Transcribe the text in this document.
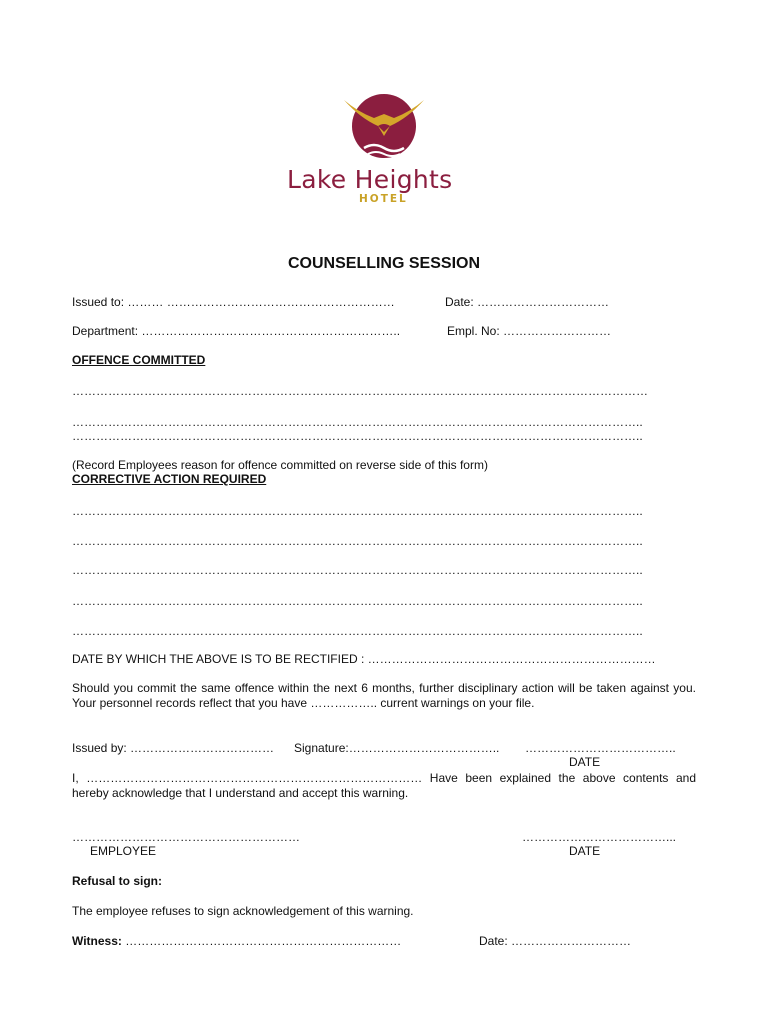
Lake Heights
HOTEL
COUNSELLING SESSION
Issued to: ……… …………………………………………………	Date: ……………………………
Department: ………………………………………………………..	Empl. No: ………………………
OFFENCE COMMITTED
………………………………………………………………………………………………………………………………
……………………………………………………………………………………………………………………………..
……………………………………………………………………………………………………………………………..
(Record Employees reason for offence committed on reverse side of this form)
CORRECTIVE ACTION REQUIRED
……………………………………………………………………………………………………………………………..
……………………………………………………………………………………………………………………………..
……………………………………………………………………………………………………………………………..
……………………………………………………………………………………………………………………………..
……………………………………………………………………………………………………………………………..
DATE BY WHICH THE ABOVE IS TO BE RECTIFIED : ………………………………………………………………
Should you commit the same offence within the next 6 months, further disciplinary action will be taken against you. Your personnel records reflect that you have …………….. current warnings on your file.
Issued by: ……………………………… Signature:……………………………….. ………………………………..
DATE
I, ………………………………………………………………………… Have been explained the above contents and hereby acknowledge that I understand and accept this warning.
…………………………………………………
EMPLOYEE
………………………………...
DATE
Refusal to sign:
The employee refuses to sign acknowledgement of this warning.
Witness: ……………………………………………………………	Date: …………………………
